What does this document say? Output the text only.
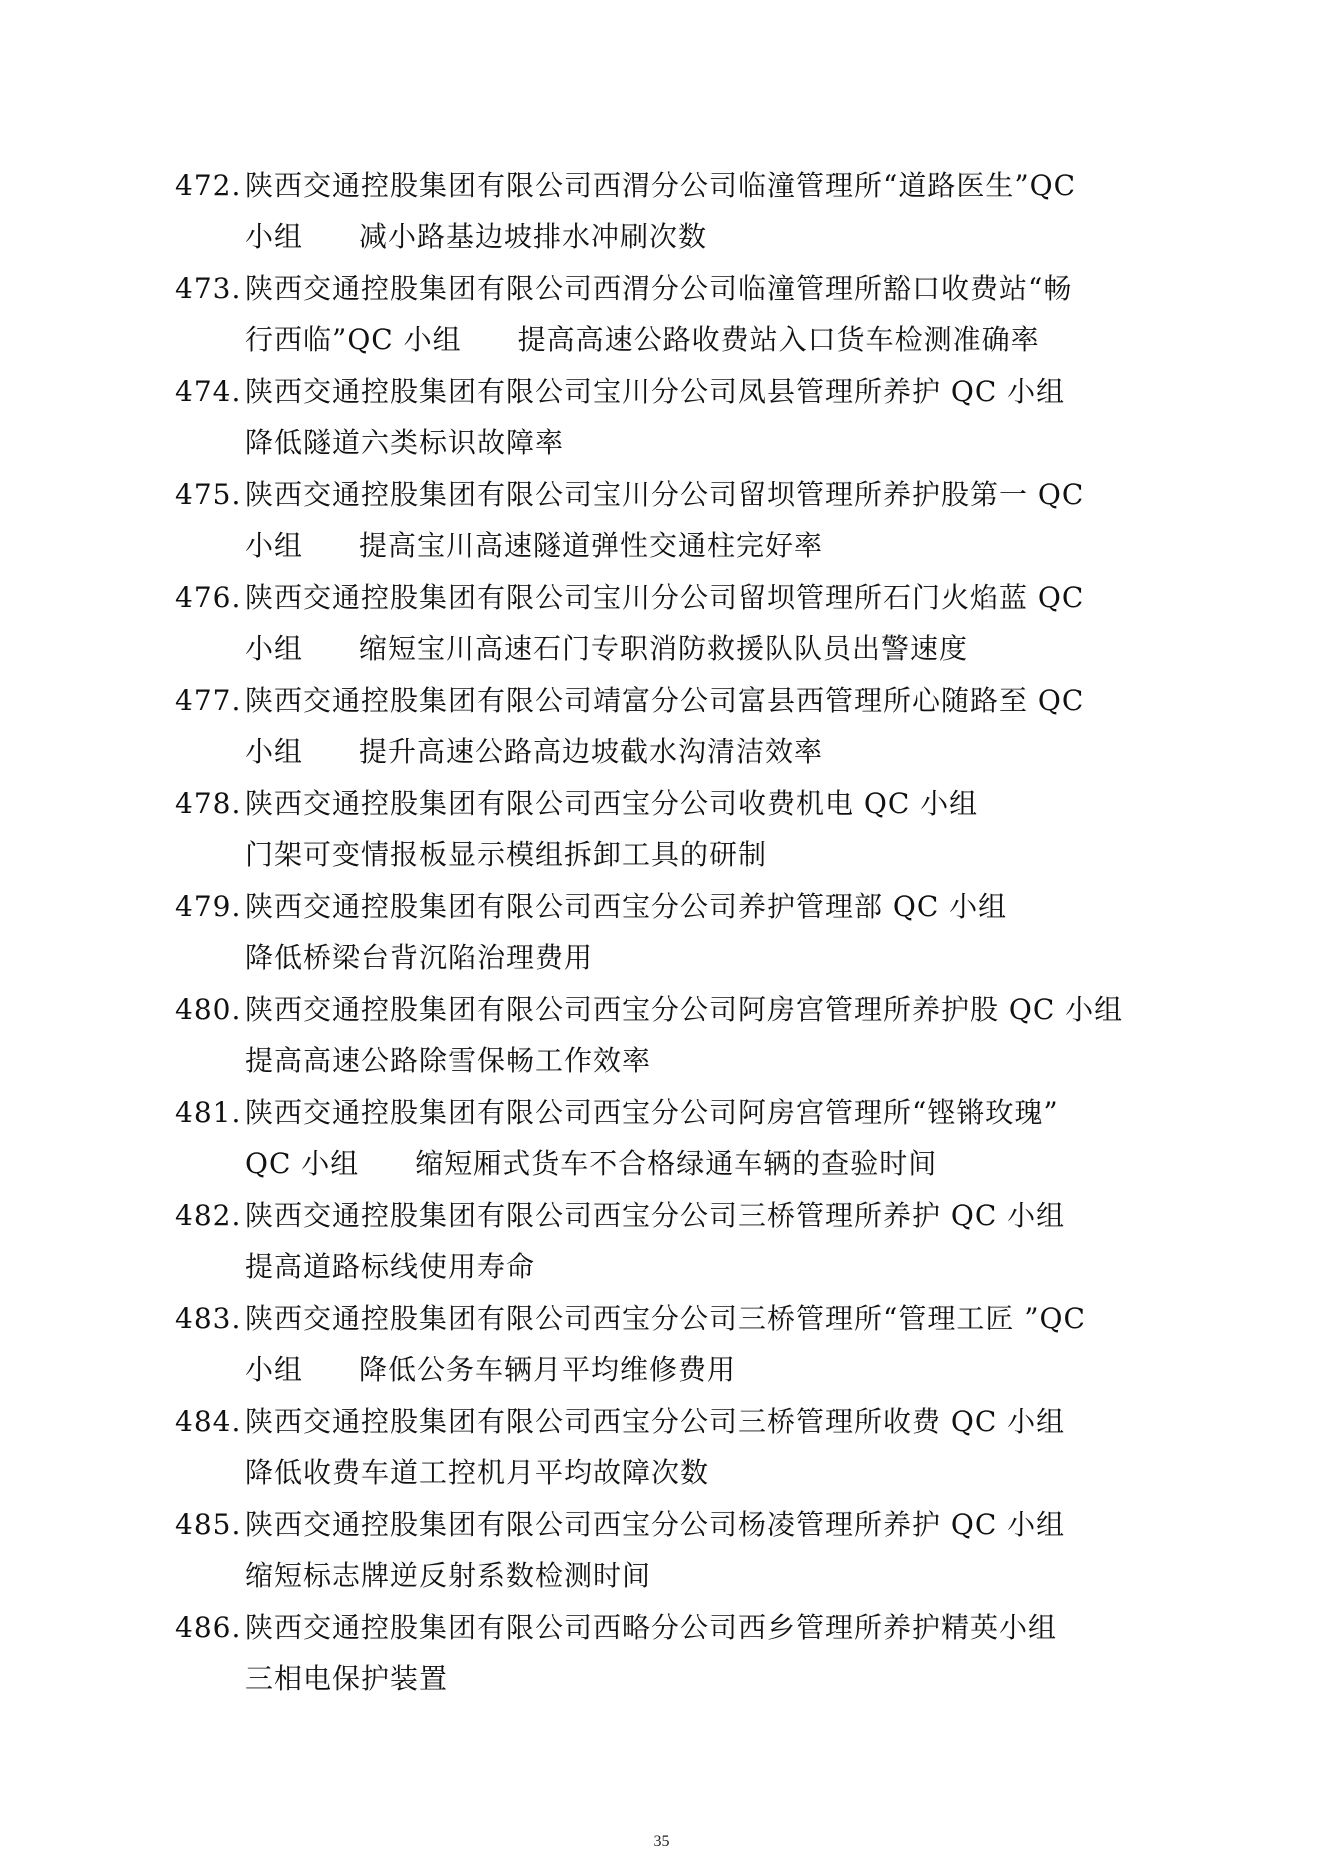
472. 陕西交通控股集团有限公司西渭分公司临潼管理所“道路医生”QC
小组 减小路基边坡排水冲刷次数
473. 陕西交通控股集团有限公司西渭分公司临潼管理所豁口收费站“畅
行西临”QC 小组 提高高速公路收费站入口货车检测准确率
474. 陕西交通控股集团有限公司宝川分公司凤县管理所养护 QC 小组
降低隧道六类标识故障率
475. 陕西交通控股集团有限公司宝川分公司留坝管理所养护股第一 QC
小组 提高宝川高速隧道弹性交通柱完好率
476. 陕西交通控股集团有限公司宝川分公司留坝管理所石门火焰蓝 QC
小组 缩短宝川高速石门专职消防救援队队员出警速度
477. 陕西交通控股集团有限公司靖富分公司富县西管理所心随路至 QC
小组 提升高速公路高边坡截水沟清洁效率
478. 陕西交通控股集团有限公司西宝分公司收费机电 QC 小组
门架可变情报板显示模组拆卸工具的研制
479. 陕西交通控股集团有限公司西宝分公司养护管理部 QC 小组
降低桥梁台背沉陷治理费用
480. 陕西交通控股集团有限公司西宝分公司阿房宫管理所养护股 QC 小组
提高高速公路除雪保畅工作效率
481. 陕西交通控股集团有限公司西宝分公司阿房宫管理所“铿锵玫瑰”
QC 小组 缩短厢式货车不合格绿通车辆的查验时间
482. 陕西交通控股集团有限公司西宝分公司三桥管理所养护 QC 小组
提高道路标线使用寿命
483. 陕西交通控股集团有限公司西宝分公司三桥管理所“管理工匠 ”QC
小组 降低公务车辆月平均维修费用
484. 陕西交通控股集团有限公司西宝分公司三桥管理所收费 QC 小组
降低收费车道工控机月平均故障次数
485. 陕西交通控股集团有限公司西宝分公司杨凌管理所养护 QC 小组
缩短标志牌逆反射系数检测时间
486. 陕西交通控股集团有限公司西略分公司西乡管理所养护精英小组
三相电保护装置
35
